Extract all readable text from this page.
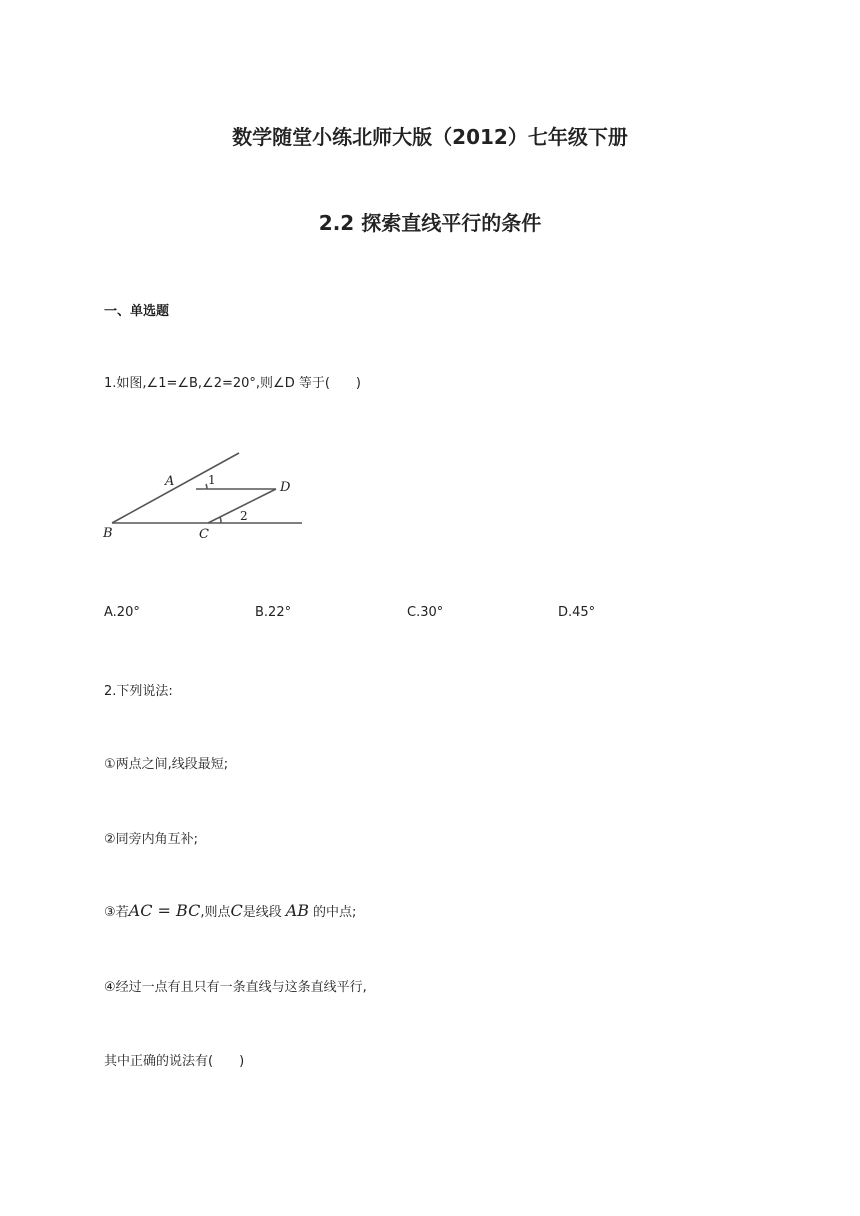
数学随堂小练北师大版（2012）七年级下册
2.2 探索直线平行的条件
一、单选题
1.如图,∠1=∠B,∠2=20°,则∠D 等于(　　)
A	1	D
2
B	C
A.20°	B.22°	C.30°	D.45°
2.下列说法:
①两点之间,线段最短;
②同旁内角互补;
③若AC = BC,则点C是线段 AB 的中点;
④经过一点有且只有一条直线与这条直线平行,
其中正确的说法有(　　)
